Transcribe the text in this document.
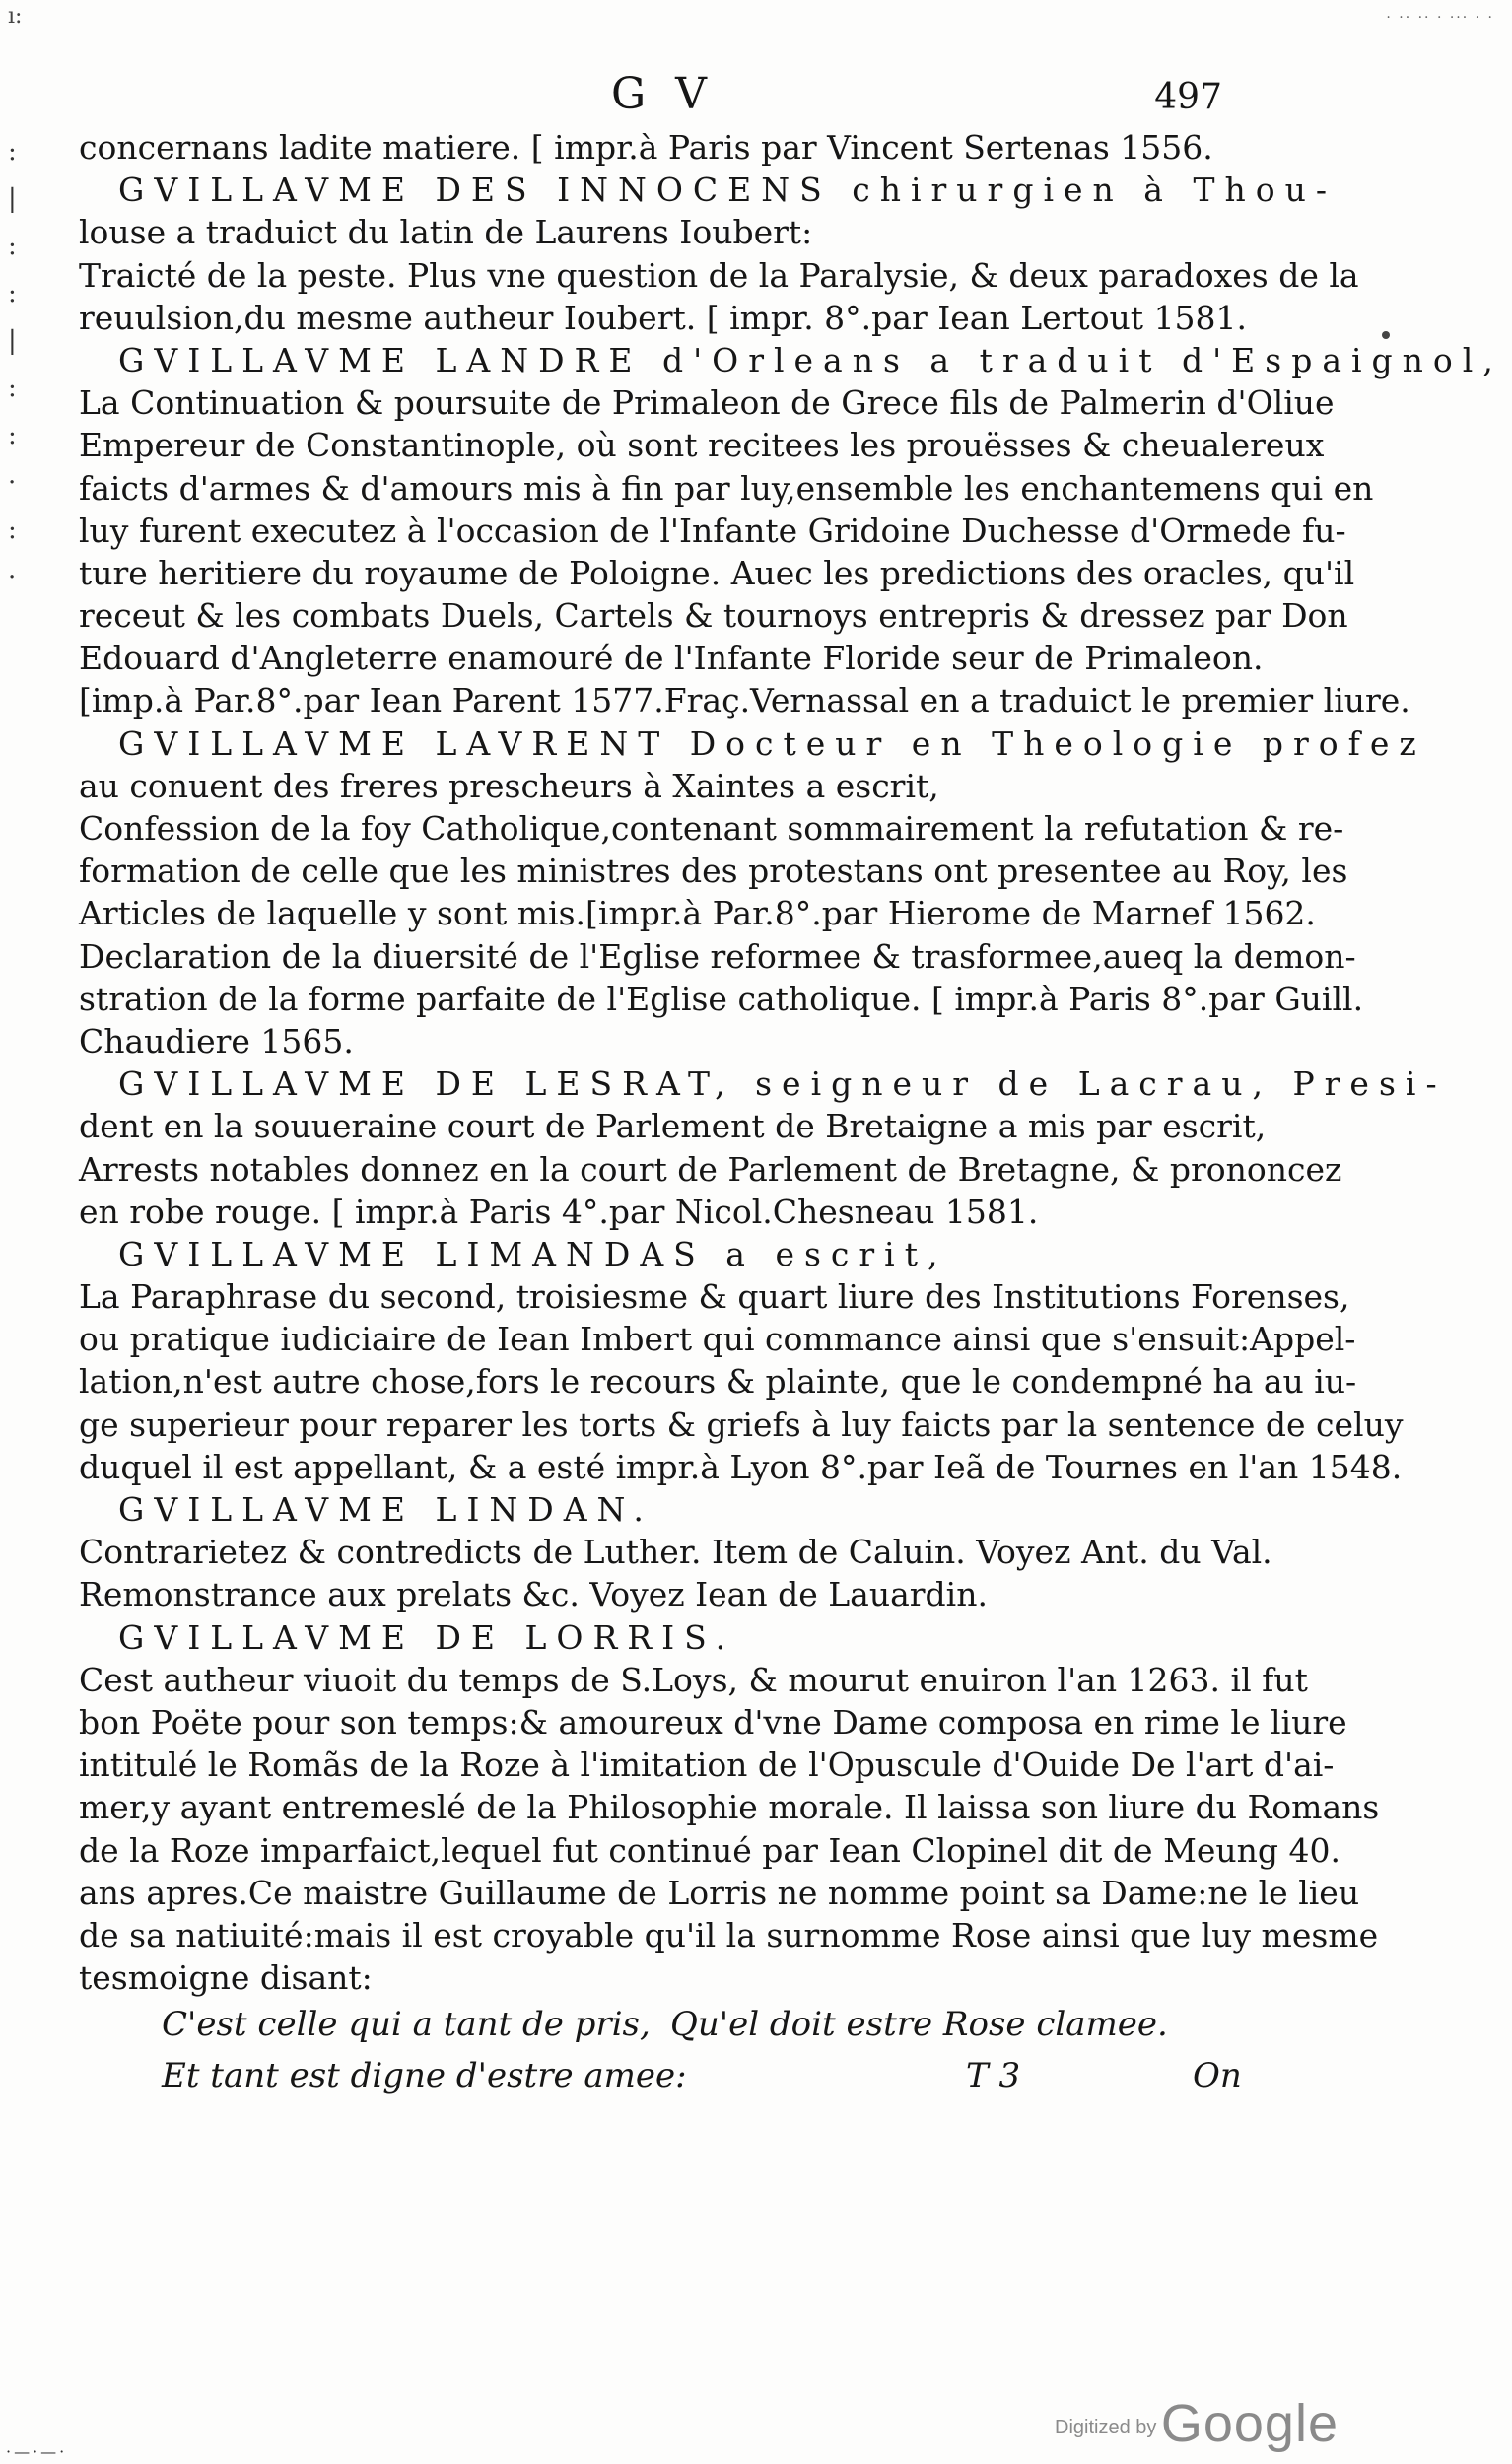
ı:	· ·· ·· · ··· · ·
:
|
:
:
|
:
:
·
:
·
G V	497
concernans ladite matiere. [ impr.à Paris par Vincent Sertenas 1556.
GVILLAVME DES INNOCENS chirurgien à Thou-
louse a traduict du latin de Laurens Ioubert:
Traicté de la peste. Plus vne question de la Paralysie, & deux paradoxes de la
reuulsion,du mesme autheur Ioubert. [ impr. 8°.par Iean Lertout 1581.
GVILLAVME LANDRE d'Orleans a traduit d'Espaignol,
La Continuation & poursuite de Primaleon de Grece fils de Palmerin d'Oliue
Empereur de Constantinople, où sont recitees les prouësses & cheualereux
faicts d'armes & d'amours mis à fin par luy,ensemble les enchantemens qui en
luy furent executez à l'occasion de l'Infante Gridoine Duchesse d'Ormede fu-
ture heritiere du royaume de Poloigne. Auec les predictions des oracles, qu'il
receut & les combats Duels, Cartels & tournoys entrepris & dressez par Don
Edouard d'Angleterre enamouré de l'Infante Floride seur de Primaleon.
[imp.à Par.8°.par Iean Parent 1577.Fraç.Vernassal en a traduict le premier liure.
GVILLAVME LAVRENT Docteur en Theologie profez
au conuent des freres prescheurs à Xaintes a escrit,
Confession de la foy Catholique,contenant sommairement la refutation & re-
formation de celle que les ministres des protestans ont presentee au Roy, les
Articles de laquelle y sont mis.[impr.à Par.8°.par Hierome de Marnef 1562.
Declaration de la diuersité de l'Eglise reformee & trasformee,aueq la demon-
stration de la forme parfaite de l'Eglise catholique. [ impr.à Paris 8°.par Guill.
Chaudiere 1565.
GVILLAVME DE LESRAT, seigneur de Lacrau, Presi-
dent en la souueraine court de Parlement de Bretaigne a mis par escrit,
Arrests notables donnez en la court de Parlement de Bretagne, & prononcez
en robe rouge. [ impr.à Paris 4°.par Nicol.Chesneau 1581.
GVILLAVME LIMANDAS a escrit,
La Paraphrase du second, troisiesme & quart liure des Institutions Forenses,
ou pratique iudiciaire de Iean Imbert qui commance ainsi que s'ensuit:Appel-
lation,n'est autre chose,fors le recours & plainte, que le condempné ha au iu-
ge superieur pour reparer les torts & griefs à luy faicts par la sentence de celuy
duquel il est appellant, & a esté impr.à Lyon 8°.par Ieã de Tournes en l'an 1548.
GVILLAVME LINDAN.
Contrarietez & contredicts de Luther. Item de Caluin. Voyez Ant. du Val.
Remonstrance aux prelats &c. Voyez Iean de Lauardin.
GVILLAVME DE LORRIS.
Cest autheur viuoit du temps de S.Loys, & mourut enuiron l'an 1263. il fut
bon Poëte pour son temps:& amoureux d'vne Dame composa en rime le liure
intitulé le Romãs de la Roze à l'imitation de l'Opuscule d'Ouide De l'art d'ai-
mer,y ayant entremeslé de la Philosophie morale. Il laissa son liure du Romans
de la Roze imparfaict,lequel fut continué par Iean Clopinel dit de Meung 40.
ans apres.Ce maistre Guillaume de Lorris ne nomme point sa Dame:ne le lieu
de sa natiuité:mais il est croyable qu'il la surnomme Rose ainsi que luy mesme
tesmoigne disant:
C'est celle qui a tant de pris, Qu'el doit estre Rose clamee.
Et tant est digne d'estre amee:	T 3	On
Digitized by Google
·—·—·
